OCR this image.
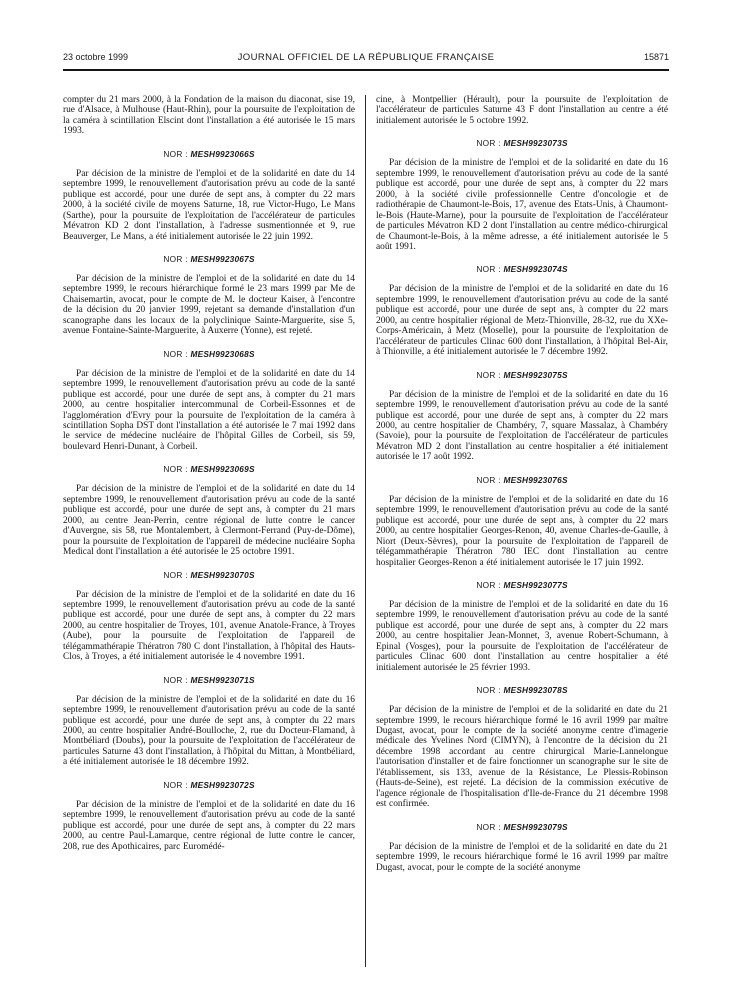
23 octobre 1999	JOURNAL OFFICIEL DE LA RÉPUBLIQUE FRANÇAISE	15871

compter du 21 mars 2000, à la Fondation de la maison du diaconat, sise 19, rue d'Alsace, à Mulhouse (Haut-Rhin), pour la poursuite de l'exploitation de la caméra à scintillation Elscint dont l'installation a été autorisée le 15 mars 1993.

NOR : MESH9923066S

Par décision de la ministre de l'emploi et de la solidarité en date du 14 septembre 1999, le renouvellement d'autorisation prévu au code de la santé publique est accordé, pour une durée de sept ans, à compter du 22 mars 2000, à la société civile de moyens Saturne, 18, rue Victor-Hugo, Le Mans (Sarthe), pour la poursuite de l'exploitation de l'accélérateur de particules Mévatron KD 2 dont l'installation, à l'adresse susmentionnée et 9, rue Beauverger, Le Mans, a été initialement autorisée le 22 juin 1992.

NOR : MESH9923067S

Par décision de la ministre de l'emploi et de la solidarité en date du 14 septembre 1999, le recours hiérarchique formé le 23 mars 1999 par Me de Chaisemartin, avocat, pour le compte de M. le docteur Kaiser, à l'encontre de la décision du 20 janvier 1999, rejetant sa demande d'installation d'un scanographe dans les locaux de la polyclinique Sainte-Marguerite, sise 5, avenue Fontaine-Sainte-Marguerite, à Auxerre (Yonne), est rejeté.

NOR : MESH9923068S

Par décision de la ministre de l'emploi et de la solidarité en date du 14 septembre 1999, le renouvellement d'autorisation prévu au code de la santé publique est accordé, pour une durée de sept ans, à compter du 21 mars 2000, au centre hospitalier intercommunal de Corbeil-Essonnes et de l'agglomération d'Evry pour la poursuite de l'exploitation de la caméra à scintillation Sopha DST dont l'installation a été autorisée le 7 mai 1992 dans le service de médecine nucléaire de l'hôpital Gilles de Corbeil, sis 59, boulevard Henri-Dunant, à Corbeil.

NOR : MESH9923069S

Par décision de la ministre de l'emploi et de la solidarité en date du 14 septembre 1999, le renouvellement d'autorisation prévu au code de la santé publique est accordé, pour une durée de sept ans, à compter du 21 mars 2000, au centre Jean-Perrin, centre régional de lutte contre le cancer d'Auvergne, sis 58, rue Montalembert, à Clermont-Ferrand (Puy-de-Dôme), pour la poursuite de l'exploitation de l'appareil de médecine nucléaire Sopha Medical dont l'installation a été autorisée le 25 octobre 1991.

NOR : MESH9923070S

Par décision de la ministre de l'emploi et de la solidarité en date du 16 septembre 1999, le renouvellement d'autorisation prévu au code de la santé publique est accordé, pour une durée de sept ans, à compter du 22 mars 2000, au centre hospitalier de Troyes, 101, avenue Anatole-France, à Troyes (Aube), pour la poursuite de l'exploitation de l'appareil de télégammathérapie Thératron 780 C dont l'installation, à l'hôpital des Hauts-Clos, à Troyes, a été initialement autorisée le 4 novembre 1991.

NOR : MESH9923071S

Par décision de la ministre de l'emploi et de la solidarité en date du 16 septembre 1999, le renouvellement d'autorisation prévu au code de la santé publique est accordé, pour une durée de sept ans, à compter du 22 mars 2000, au centre hospitalier André-Boulloche, 2, rue du Docteur-Flamand, à Montbéliard (Doubs), pour la poursuite de l'exploitation de l'accélérateur de particules Saturne 43 dont l'installation, à l'hôpital du Mittan, à Montbéliard, a été initialement autorisée le 18 décembre 1992.

NOR : MESH9923072S

Par décision de la ministre de l'emploi et de la solidarité en date du 16 septembre 1999, le renouvellement d'autorisation prévu au code de la santé publique est accordé, pour une durée de sept ans, à compter du 22 mars 2000, au centre Paul-Lamarque, centre régional de lutte contre le cancer, 208, rue des Apothicaires, parc Euromédé-

cine, à Montpellier (Hérault), pour la poursuite de l'exploitation de l'accélérateur de particules Saturne 43 F dont l'installation au centre a été initialement autorisée le 5 octobre 1992.

NOR : MESH9923073S

Par décision de la ministre de l'emploi et de la solidarité en date du 16 septembre 1999, le renouvellement d'autorisation prévu au code de la santé publique est accordé, pour une durée de sept ans, à compter du 22 mars 2000, à la société civile professionnelle Centre d'oncologie et de radiothérapie de Chaumont-le-Bois, 17, avenue des Etats-Unis, à Chaumont-le-Bois (Haute-Marne), pour la poursuite de l'exploitation de l'accélérateur de particules Mévatron KD 2 dont l'installation au centre médico-chirurgical de Chaumont-le-Bois, à la même adresse, a été initialement autorisée le 5 août 1991.

NOR : MESH9923074S

Par décision de la ministre de l'emploi et de la solidarité en date du 16 septembre 1999, le renouvellement d'autorisation prévu au code de la santé publique est accordé, pour une durée de sept ans, à compter du 22 mars 2000, au centre hospitalier régional de Metz-Thionville, 28-32, rue du XXe-Corps-Américain, à Metz (Moselle), pour la poursuite de l'exploitation de l'accélérateur de particules Clinac 600 dont l'installation, à l'hôpital Bel-Air, à Thionville, a été initialement autorisée le 7 décembre 1992.

NOR : MESH9923075S

Par décision de la ministre de l'emploi et de la solidarité en date du 16 septembre 1999, le renouvellement d'autorisation prévu au code de la santé publique est accordé, pour une durée de sept ans, à compter du 22 mars 2000, au centre hospitalier de Chambéry, 7, square Massalaz, à Chambéry (Savoie), pour la poursuite de l'exploitation de l'accélérateur de particules Mévatron MD 2 dont l'installation au centre hospitalier a été initialement autorisée le 17 août 1992.

NOR : MESH9923076S

Par décision de la ministre de l'emploi et de la solidarité en date du 16 septembre 1999, le renouvellement d'autorisation prévu au code de la santé publique est accordé, pour une durée de sept ans, à compter du 22 mars 2000, au centre hospitalier Georges-Renon, 40, avenue Charles-de-Gaulle, à Niort (Deux-Sèvres), pour la poursuite de l'exploitation de l'appareil de télégammathérapie Thératron 780 IEC dont l'installation au centre hospitalier Georges-Renon a été initialement autorisée le 17 juin 1992.

NOR : MESH9923077S

Par décision de la ministre de l'emploi et de la solidarité en date du 16 septembre 1999, le renouvellement d'autorisation prévu au code de la santé publique est accordé, pour une durée de sept ans, à compter du 22 mars 2000, au centre hospitalier Jean-Monnet, 3, avenue Robert-Schumann, à Epinal (Vosges), pour la poursuite de l'exploitation de l'accélérateur de particules Clinac 600 dont l'installation au centre hospitalier a été initialement autorisée le 25 février 1993.

NOR : MESH9923078S

Par décision de la ministre de l'emploi et de la solidarité en date du 21 septembre 1999, le recours hiérarchique formé le 16 avril 1999 par maître Dugast, avocat, pour le compte de la société anonyme centre d'imagerie médicale des Yvelines Nord (CIMYN), à l'encontre de la décision du 21 décembre 1998 accordant au centre chirurgical Marie-Lannelongue l'autorisation d'installer et de faire fonctionner un scanographe sur le site de l'établissement, sis 133, avenue de la Résistance, Le Plessis-Robinson (Hauts-de-Seine), est rejeté. La décision de la commission exécutive de l'agence régionale de l'hospitalisation d'Ile-de-France du 21 décembre 1998 est confirmée.

NOR : MESH9923079S

Par décision de la ministre de l'emploi et de la solidarité en date du 21 septembre 1999, le recours hiérarchique formé le 16 avril 1999 par maître Dugast, avocat, pour le compte de la société anonyme
